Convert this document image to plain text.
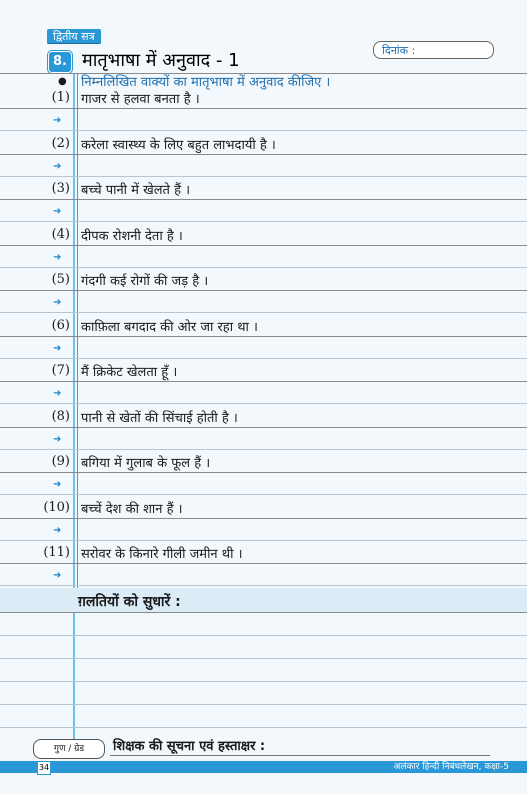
द्वितीय सत्र
8. मातृभाषा में अनुवाद - 1	दिनांक :
● निम्नलिखित वाक्यों का मातृभाषा में अनुवाद कीजिए ।
(1) गाजर से हलवा बनता है ।
➜
(2) करेला स्वास्थ्य के लिए बहुत लाभदायी है ।
➜
(3) बच्चे पानी में खेलते हैं ।
➜
(4) दीपक रोशनी देता है ।
➜
(5) गंदगी कई रोगों की जड़ है ।
➜
(6) काफ़िला बगदाद की ओर जा रहा था ।
➜
(7) मैं क्रिकेट खेलता हूँ ।
➜
(8) पानी से खेतों की सिंचाई होती है ।
➜
(9) बगिया में गुलाब के फूल हैं ।
➜
(10) बच्चें देश की शान हैं ।
➜
(11) सरोवर के किनारे गीली जमीन थी ।
➜
ग़लतियों को सुधारें :
गुण / ग्रेड	शिक्षक की सूचना एवं हस्ताक्षर :
34	अलंकार हिन्दी निबंधलेखन, कक्षा-5
